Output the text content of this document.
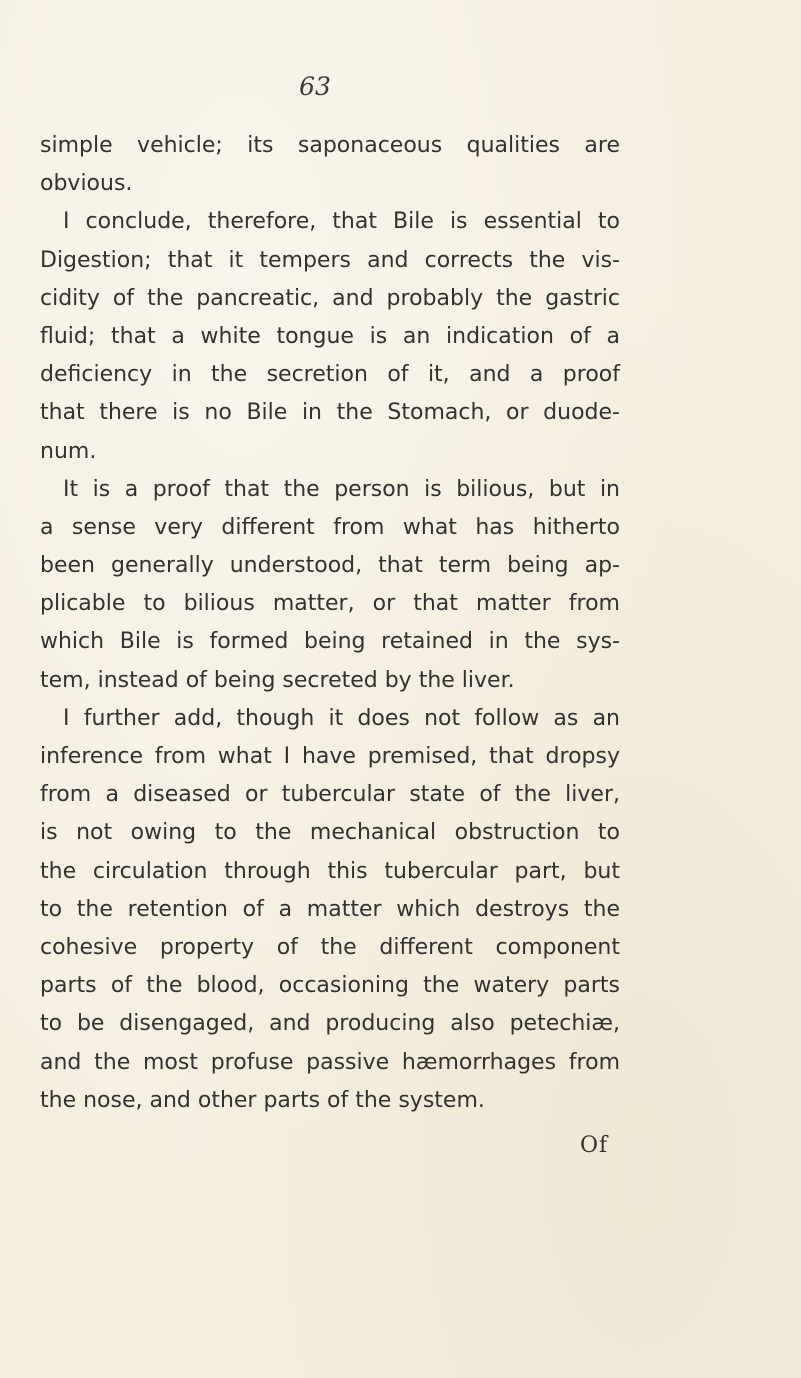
63
simple vehicle; its saponaceous qualities are
obvious.
I conclude, therefore, that Bile is essential to
Digestion; that it tempers and corrects the vis-
cidity of the pancreatic, and probably the gastric
fluid; that a white tongue is an indication of a
deficiency in the secretion of it, and a proof
that there is no Bile in the Stomach, or duode-
num.
It is a proof that the person is bilious, but in
a sense very different from what has hitherto
been generally understood, that term being ap-
plicable to bilious matter, or that matter from
which Bile is formed being retained in the sys-
tem, instead of being secreted by the liver.
I further add, though it does not follow as an
inference from what I have premised, that dropsy
from a diseased or tubercular state of the liver,
is not owing to the mechanical obstruction to
the circulation through this tubercular part, but
to the retention of a matter which destroys the
cohesive property of the different component
parts of the blood, occasioning the watery parts
to be disengaged, and producing also petechiæ,
and the most profuse passive hæmorrhages from
the nose, and other parts of the system.
Of
